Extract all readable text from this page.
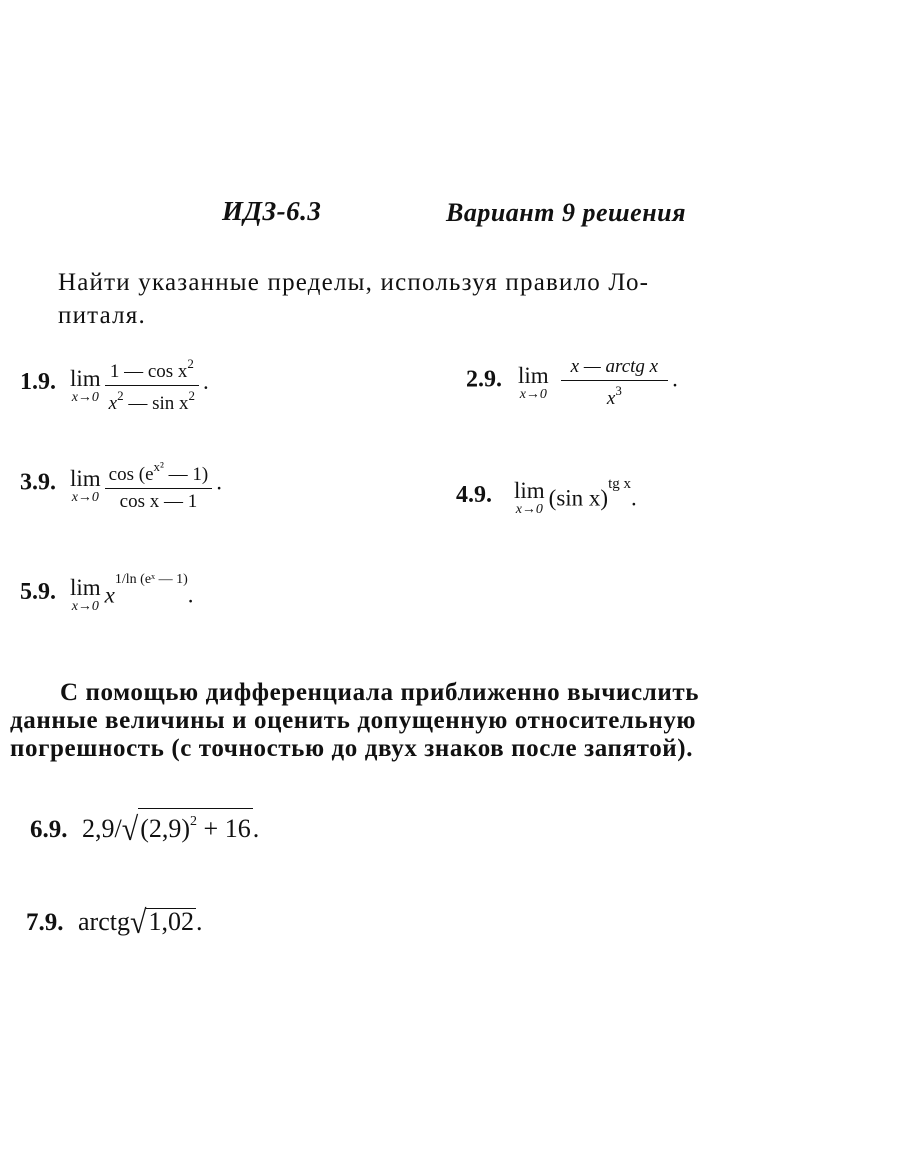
ИДЗ-6.3	Вариант 9 решения
Найти указанные пределы, используя правило Ло-
питаля.
1.9. lim
x→0
$\frac{1 — \cos x^2}{x^2 — \sin x^2}$ .	2.9. lim
x→0
$\frac{\text{x — arctg x}}{x^3}$ .
3.9. lim
x→0
$\frac{\cos (e^{x^2} — 1)}{\text{cos x — 1}}$ .	4.9. lim
x→0 (sin x)tg x.
5.9. lim
x→0 x1/ln (eˣ — 1).
С помощью дифференциала приближенно вычислить
данные величины и оценить допущенную относительную
погрешность (с точностью до двух знаков после запятой).
6.9. $2,9/√(2,9)^2 + 16$.
7.9. arctg√1,02.
